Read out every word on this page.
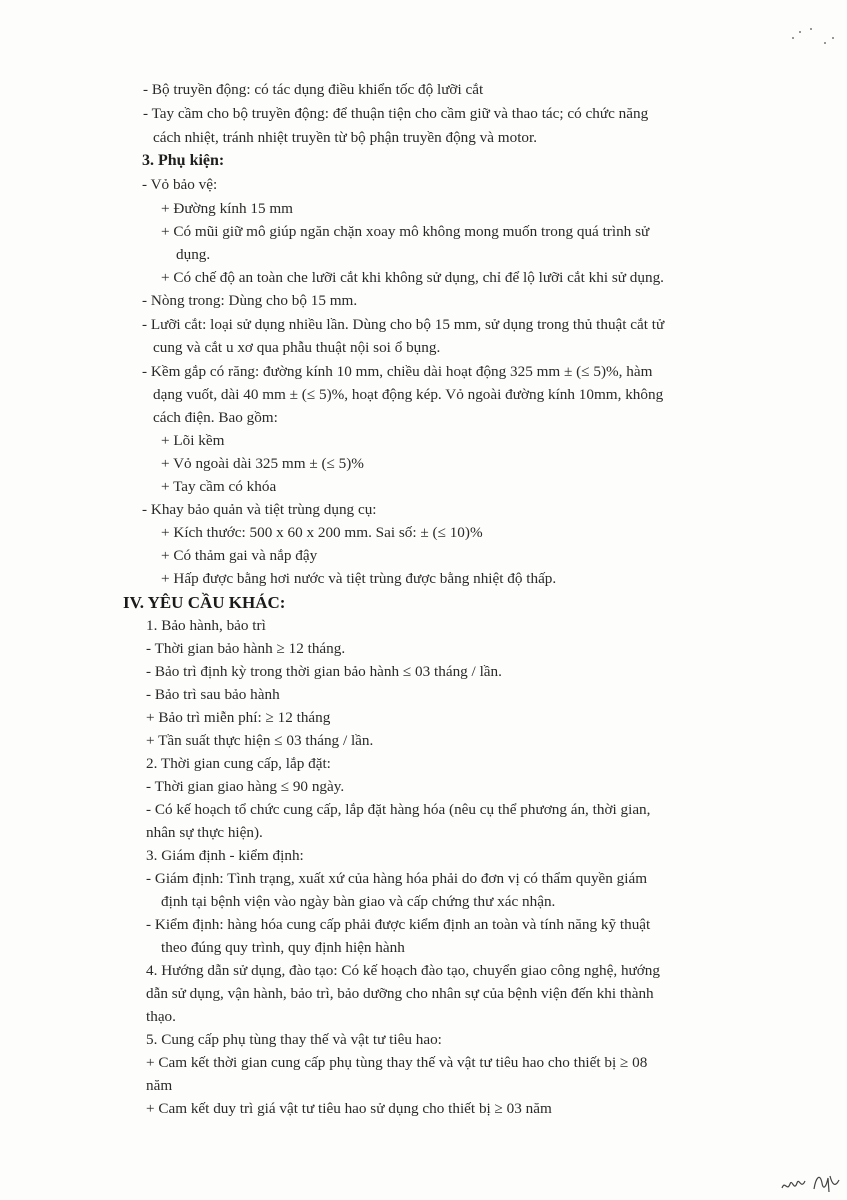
- Bộ truyền động: có tác dụng điều khiển tốc độ lưỡi cắt
- Tay cầm cho bộ truyền động: để thuận tiện cho cầm giữ và thao tác; có chức năng
cách nhiệt, tránh nhiệt truyền từ bộ phận truyền động và motor.
3. Phụ kiện:
- Vỏ bảo vệ:
+ Đường kính 15 mm
+ Có mũi giữ mô giúp ngăn chặn xoay mô không mong muốn trong quá trình sử
dụng.
+ Có chế độ an toàn che lưỡi cắt khi không sử dụng, chỉ để lộ lưỡi cắt khi sử dụng.
- Nòng trong: Dùng cho bộ 15 mm.
- Lưỡi cắt: loại sử dụng nhiều lần. Dùng cho bộ 15 mm, sử dụng trong thủ thuật cắt tử
cung và cắt u xơ qua phẫu thuật nội soi ổ bụng.
- Kềm gắp có răng: đường kính 10 mm, chiều dài hoạt động 325 mm ± (≤ 5)%, hàm
dạng vuốt, dài 40 mm ± (≤ 5)%, hoạt động kép. Vỏ ngoài đường kính 10mm, không
cách điện. Bao gồm:
+ Lõi kềm
+ Vỏ ngoài dài 325 mm ± (≤ 5)%
+ Tay cầm có khóa
- Khay bảo quản và tiệt trùng dụng cụ:
+ Kích thước: 500 x 60 x 200 mm. Sai số: ± (≤ 10)%
+ Có thảm gai và nắp đậy
+ Hấp được bằng hơi nước và tiệt trùng được bằng nhiệt độ thấp.
IV. YÊU CẦU KHÁC:
1. Bảo hành, bảo trì
- Thời gian bảo hành ≥ 12 tháng.
- Bảo trì định kỳ trong thời gian bảo hành ≤ 03 tháng / lần.
- Bảo trì sau bảo hành
+ Bảo trì miễn phí: ≥ 12 tháng
+ Tần suất thực hiện ≤ 03 tháng / lần.
2. Thời gian cung cấp, lắp đặt:
- Thời gian giao hàng ≤ 90 ngày.
- Có kế hoạch tổ chức cung cấp, lắp đặt hàng hóa (nêu cụ thể phương án, thời gian,
nhân sự thực hiện).
3. Giám định - kiểm định:
- Giám định: Tình trạng, xuất xứ của hàng hóa phải do đơn vị có thẩm quyền giám
định tại bệnh viện vào ngày bàn giao và cấp chứng thư xác nhận.
- Kiểm định: hàng hóa cung cấp phải được kiểm định an toàn và tính năng kỹ thuật
theo đúng quy trình, quy định hiện hành
4. Hướng dẫn sử dụng, đào tạo: Có kế hoạch đào tạo, chuyển giao công nghệ, hướng
dẫn sử dụng, vận hành, bảo trì, bảo dưỡng cho nhân sự của bệnh viện đến khi thành
thạo.
5. Cung cấp phụ tùng thay thế và vật tư tiêu hao:
+ Cam kết thời gian cung cấp phụ tùng thay thế và vật tư tiêu hao cho thiết bị ≥ 08
năm
+ Cam kết duy trì giá vật tư tiêu hao sử dụng cho thiết bị ≥ 03 năm
